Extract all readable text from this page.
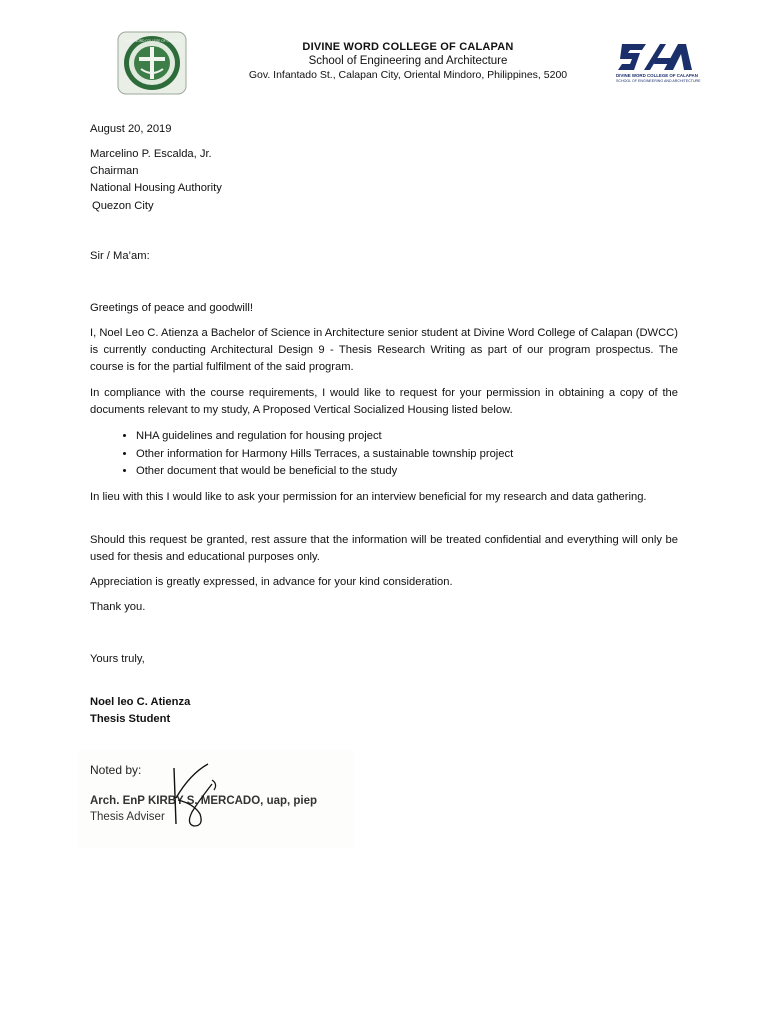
DIVINE WORD COLLEGE OF CALAPAN	DIVINE WORD COLLEGE OF CALAPAN
School of Engineering and Architecture
Gov. Infantado St., Calapan City, Oriental Mindoro, Philippines, 5200	DIVINE WORD COLLEGE OF CALAPAN
SCHOOL OF ENGINEERING AND ARCHITECTURE
August 20, 2019
Marcelino P. Escalda, Jr.
Chairman
National Housing Authority
Quezon City
Sir / Ma’am:
Greetings of peace and goodwill!

I, Noel Leo C. Atienza a Bachelor of Science in Architecture senior student at Divine Word College of Calapan (DWCC) is currently conducting Architectural Design 9 - Thesis Research Writing as part of our program prospectus. The course is for the partial fulfilment of the said program.

In compliance with the course requirements, I would like to request for your permission in obtaining a copy of the documents relevant to my study, A Proposed Vertical Socialized Housing listed below.

• NHA guidelines and regulation for housing project
• Other information for Harmony Hills Terraces, a sustainable township project
• Other document that would be beneficial to the study

In lieu with this I would like to ask your permission for an interview beneficial for my research and data gathering.

Should this request be granted, rest assure that the information will be treated confidential and everything will only be used for thesis and educational purposes only.

Appreciation is greatly expressed, in advance for your kind consideration.
Thank you.
Yours truly,
Noel leo C. Atienza
Thesis Student
Noted by:
Arch. EnP KIRBY S. MERCADO, uap, piep
Thesis Adviser
